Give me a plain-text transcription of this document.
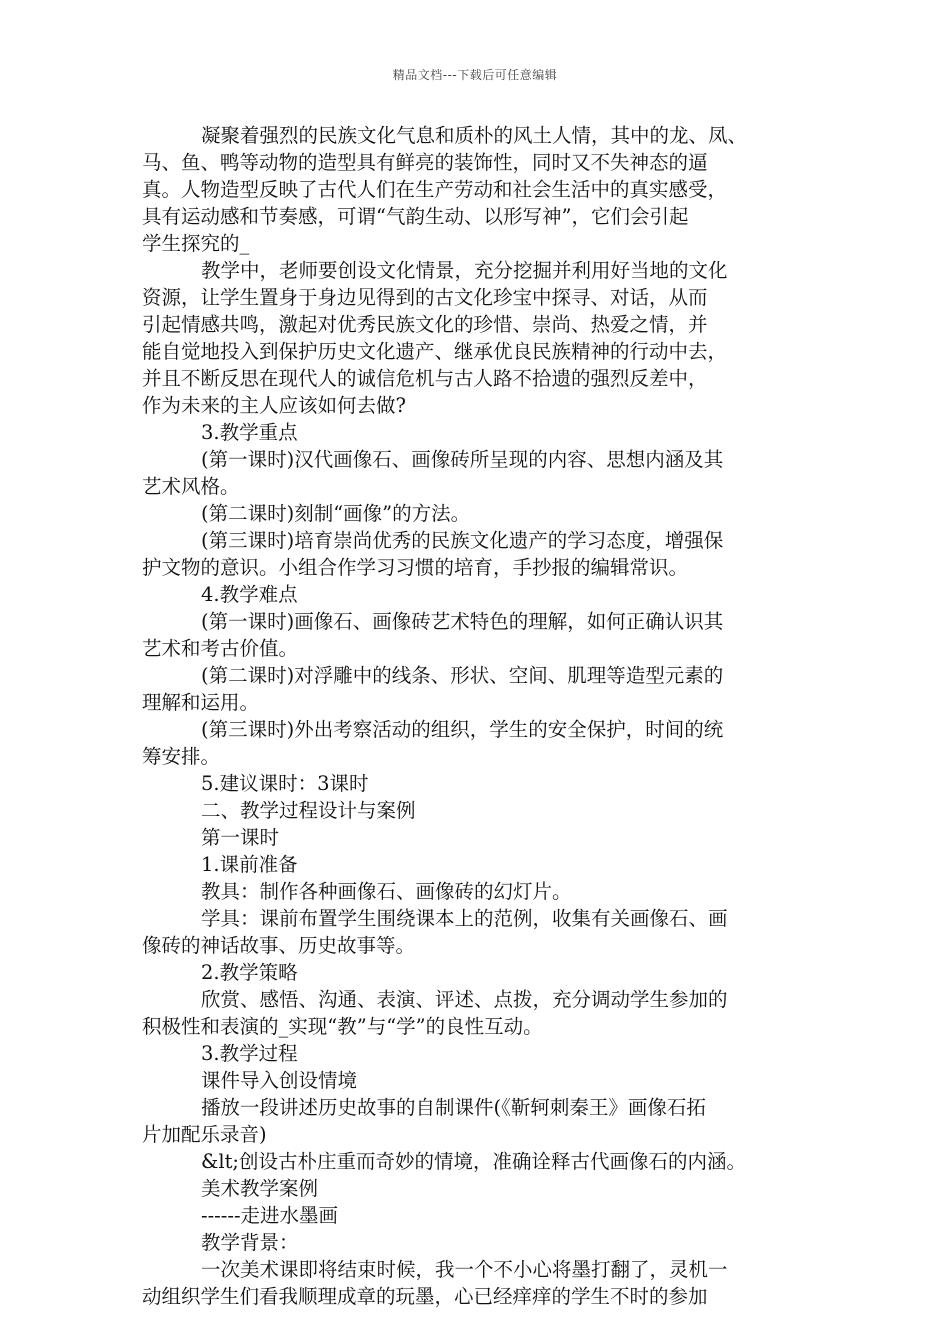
精品文档---下载后可任意编辑
凝聚着强烈的民族文化气息和质朴的风土人情，其中的龙、凤、
马、鱼、鸭等动物的造型具有鲜亮的装饰性，同时又不失神态的逼
真。人物造型反映了古代人们在生产劳动和社会生活中的真实感受，
具有运动感和节奏感，可谓“气韵生动、以形写神”，它们会引起
学生探究的_
教学中，老师要创设文化情景，充分挖掘并利用好当地的文化
资源，让学生置身于身边见得到的古文化珍宝中探寻、对话，从而
引起情感共鸣，激起对优秀民族文化的珍惜、崇尚、热爱之情，并
能自觉地投入到保护历史文化遗产、继承优良民族精神的行动中去，
并且不断反思在现代人的诚信危机与古人路不拾遗的强烈反差中，
作为未来的主人应该如何去做?
3.教学重点
(第一课时)汉代画像石、画像砖所呈现的内容、思想内涵及其
艺术风格。
(第二课时)刻制“画像”的方法。
(第三课时)培育崇尚优秀的民族文化遗产的学习态度，增强保
护文物的意识。小组合作学习习惯的培育，手抄报的编辑常识。
4.教学难点
(第一课时)画像石、画像砖艺术特色的理解，如何正确认识其
艺术和考古价值。
(第二课时)对浮雕中的线条、形状、空间、肌理等造型元素的
理解和运用。
(第三课时)外出考察活动的组织，学生的安全保护，时间的统
筹安排。
5.建议课时：3课时
二、教学过程设计与案例
第一课时
1.课前准备
教具：制作各种画像石、画像砖的幻灯片。
学具：课前布置学生围绕课本上的范例，收集有关画像石、画
像砖的神话故事、历史故事等。
2.教学策略
欣赏、感悟、沟通、表演、评述、点拨，充分调动学生参加的
积极性和表演的_实现“教”与“学”的良性互动。
3.教学过程
课件导入创设情境
播放一段讲述历史故事的自制课件(《靳轲刺秦王》画像石拓
片加配乐录音)
&lt;创设古朴庄重而奇妙的情境，准确诠释古代画像石的内涵。
美术教学案例
------走进水墨画
教学背景：
一次美术课即将结束时候，我一个不小心将墨打翻了，灵机一
动组织学生们看我顺理成章的玩墨，心已经痒痒的学生不时的参加
